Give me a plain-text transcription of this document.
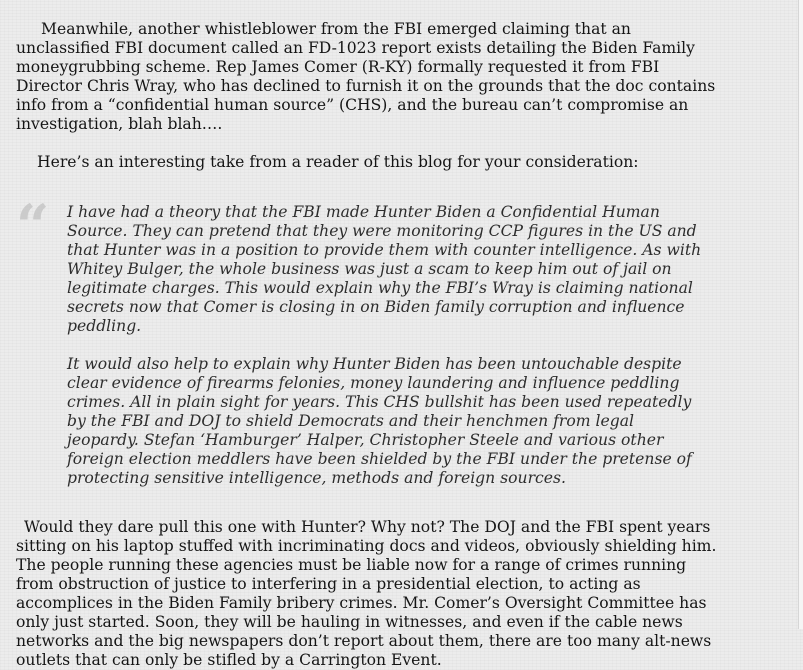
Meanwhile, another whistleblower from the FBI emerged claiming that an unclassified FBI document called an FD-1023 report exists detailing the Biden Family moneygrubbing scheme. Rep James Comer (R-KY) formally requested it from FBI Director Chris Wray, who has declined to furnish it on the grounds that the doc contains info from a “confidential human source” (CHS), and the bureau can’t compromise an investigation, blah blah….

Here’s an interesting take from a reader of this blog for your consideration:

“ I have had a theory that the FBI made Hunter Biden a Confidential Human Source. They can pretend that they were monitoring CCP figures in the US and that Hunter was in a position to provide them with counter intelligence. As with Whitey Bulger, the whole business was just a scam to keep him out of jail on legitimate charges. This would explain why the FBI’s Wray is claiming national secrets now that Comer is closing in on Biden family corruption and influence peddling.

It would also help to explain why Hunter Biden has been untouchable despite clear evidence of firearms felonies, money laundering and influence peddling crimes. All in plain sight for years. This CHS bullshit has been used repeatedly by the FBI and DOJ to shield Democrats and their henchmen from legal jeopardy. Stefan ‘Hamburger’ Halper, Christopher Steele and various other foreign election meddlers have been shielded by the FBI under the pretense of protecting sensitive intelligence, methods and foreign sources.

Would they dare pull this one with Hunter? Why not? The DOJ and the FBI spent years sitting on his laptop stuffed with incriminating docs and videos, obviously shielding him. The people running these agencies must be liable now for a range of crimes running from obstruction of justice to interfering in a presidential election, to acting as accomplices in the Biden Family bribery crimes. Mr. Comer’s Oversight Committee has only just started. Soon, they will be hauling in witnesses, and even if the cable news networks and the big newspapers don’t report about them, there are too many alt-news outlets that can only be stifled by a Carrington Event.
